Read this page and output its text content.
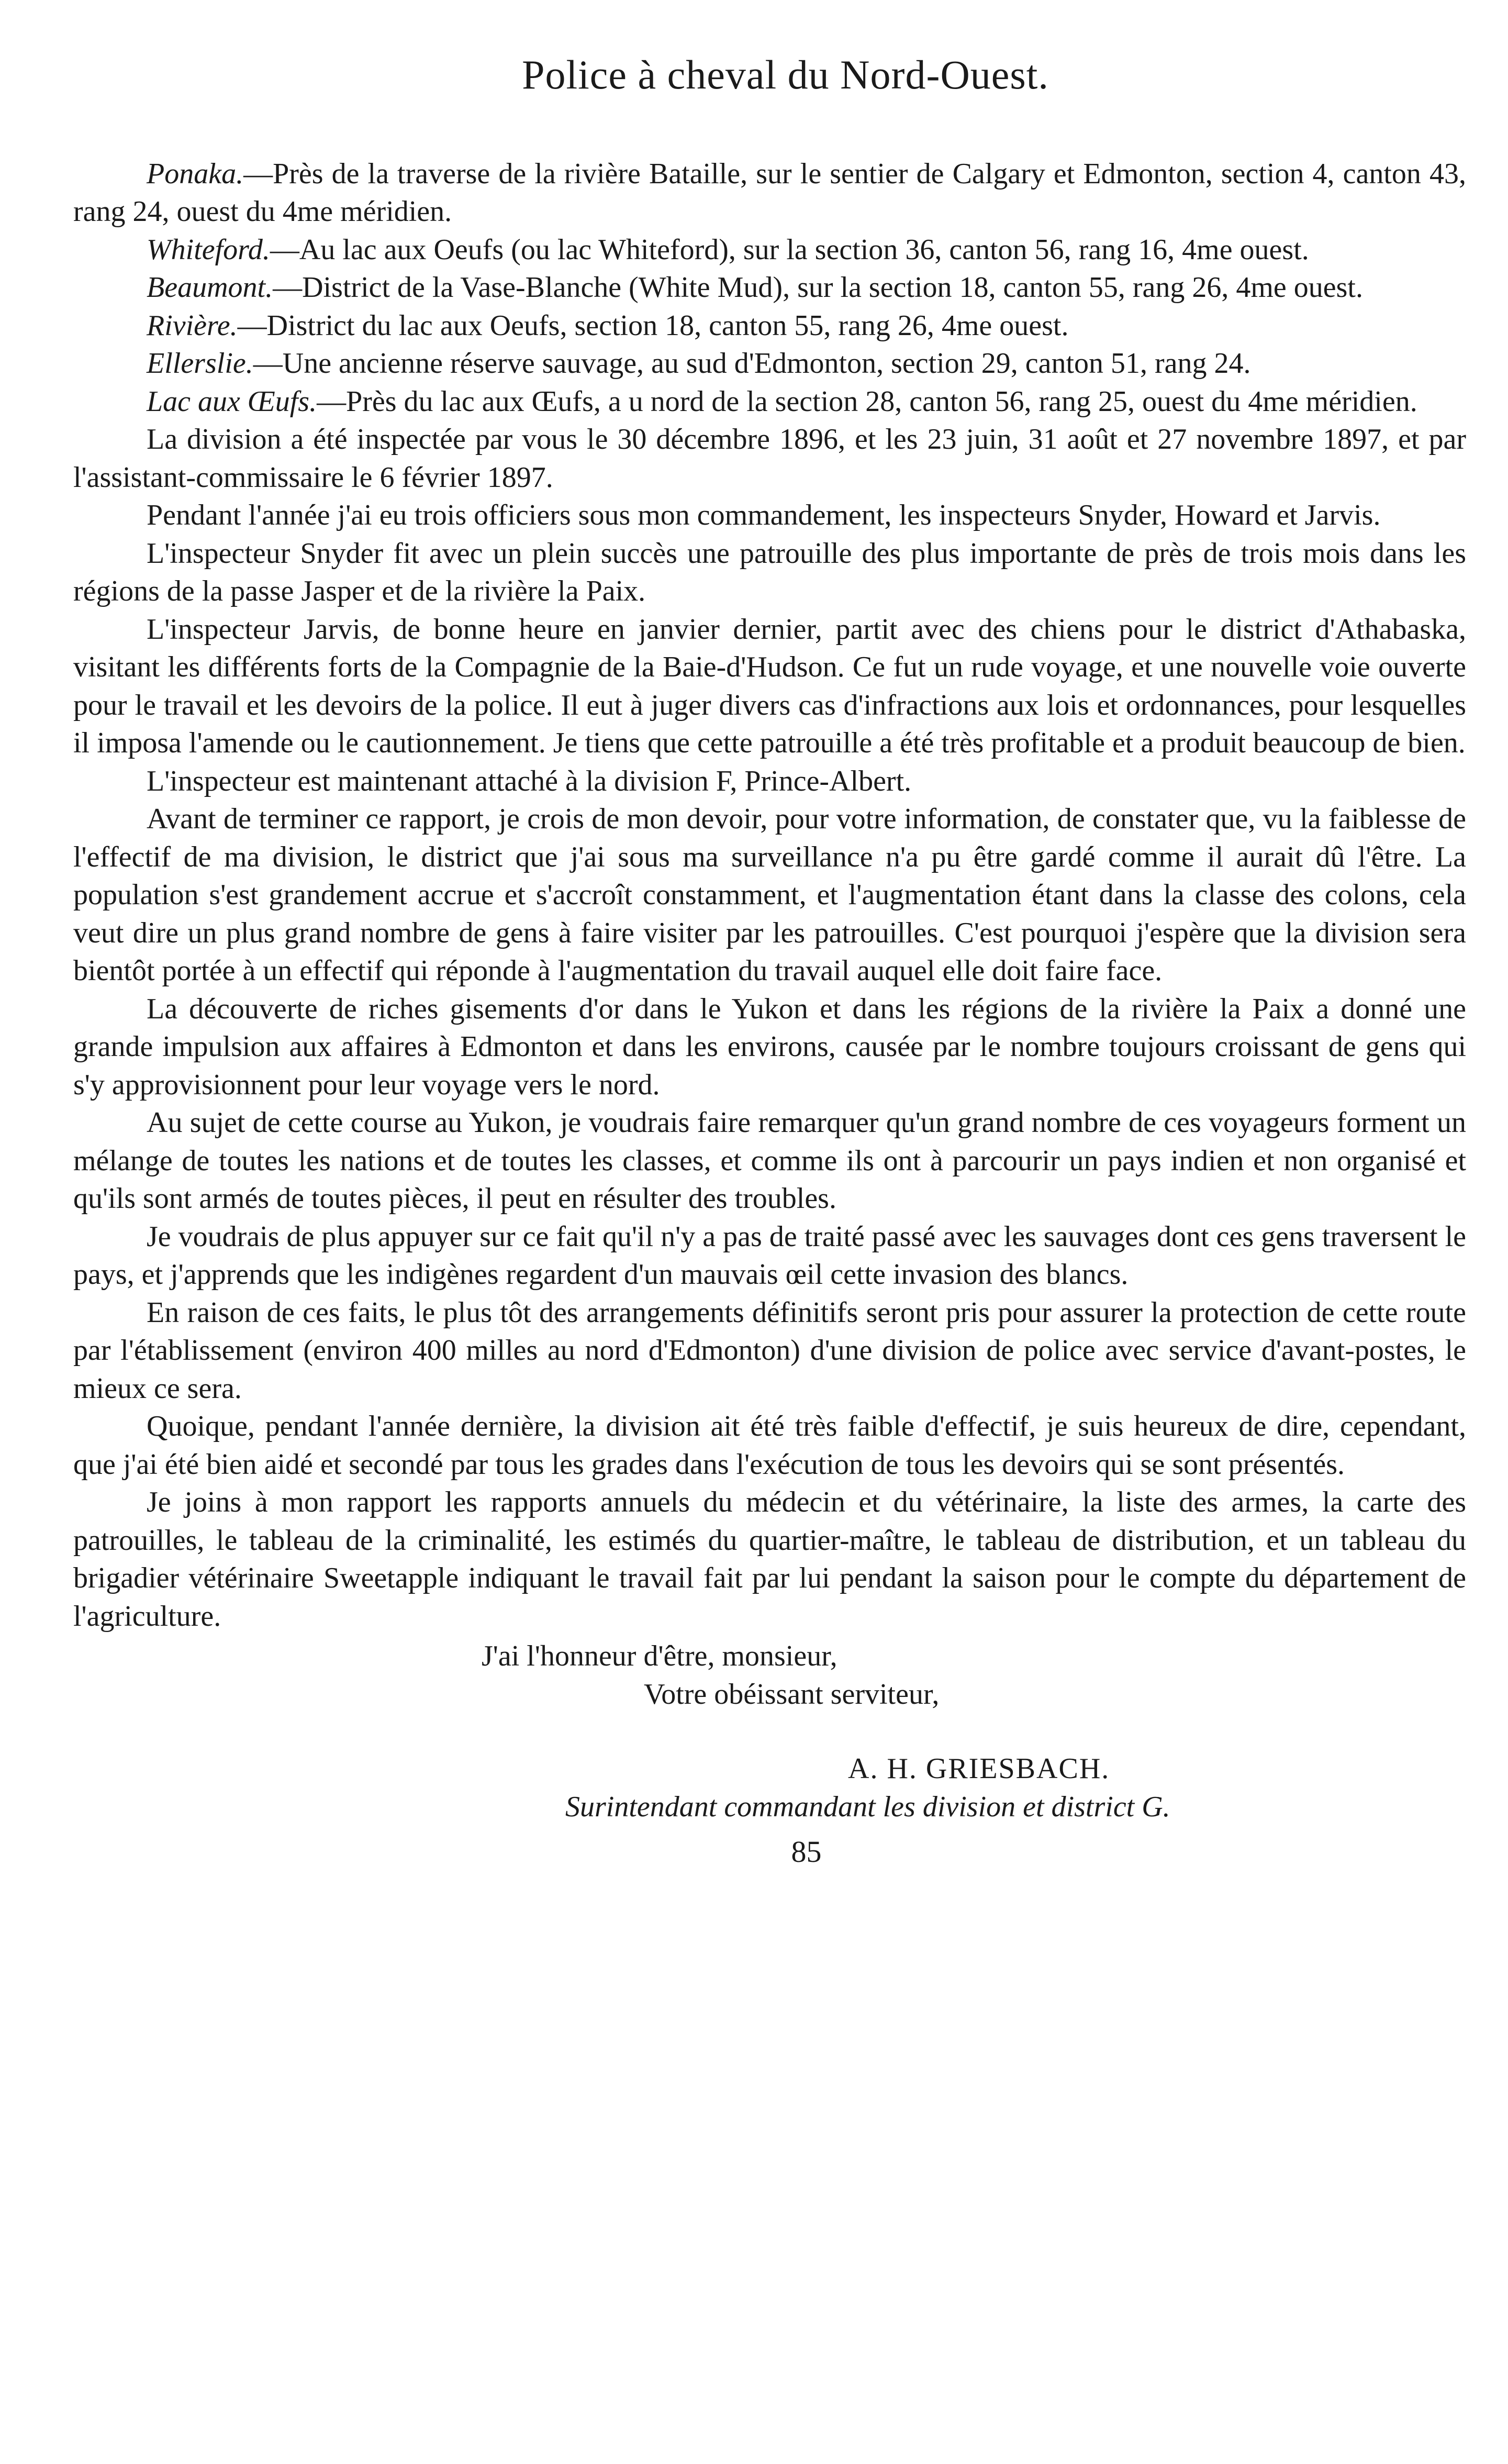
Police à cheval du Nord-Ouest.

Ponaka.—Près de la traverse de la rivière Bataille, sur le sentier de Calgary et Edmonton, section 4, canton 43, rang 24, ouest du 4me méridien.

Whiteford.—Au lac aux Oeufs (ou lac Whiteford), sur la section 36, canton 56, rang 16, 4me ouest.

Beaumont.—District de la Vase-Blanche (White Mud), sur la section 18, canton 55, rang 26, 4me ouest.

Rivière.—District du lac aux Oeufs, section 18, canton 55, rang 26, 4me ouest.

Ellerslie.—Une ancienne réserve sauvage, au sud d'Edmonton, section 29, canton 51, rang 24.

Lac aux Œufs.—Près du lac aux Œufs, a u nord de la section 28, canton 56, rang 25, ouest du 4me méridien.

La division a été inspectée par vous le 30 décembre 1896, et les 23 juin, 31 août et 27 novembre 1897, et par l'assistant-commissaire le 6 février 1897.

Pendant l'année j'ai eu trois officiers sous mon commandement, les inspecteurs Snyder, Howard et Jarvis.

L'inspecteur Snyder fit avec un plein succès une patrouille des plus importante de près de trois mois dans les régions de la passe Jasper et de la rivière la Paix.

L'inspecteur Jarvis, de bonne heure en janvier dernier, partit avec des chiens pour le district d'Athabaska, visitant les différents forts de la Compagnie de la Baie-d'Hudson. Ce fut un rude voyage, et une nouvelle voie ouverte pour le travail et les devoirs de la police. Il eut à juger divers cas d'infractions aux lois et ordonnances, pour lesquelles il imposa l'amende ou le cautionnement. Je tiens que cette patrouille a été très profitable et a produit beaucoup de bien.

L'inspecteur est maintenant attaché à la division F, Prince-Albert.

Avant de terminer ce rapport, je crois de mon devoir, pour votre information, de constater que, vu la faiblesse de l'effectif de ma division, le district que j'ai sous ma surveillance n'a pu être gardé comme il aurait dû l'être. La population s'est grandement accrue et s'accroît constamment, et l'augmentation étant dans la classe des colons, cela veut dire un plus grand nombre de gens à faire visiter par les patrouilles. C'est pourquoi j'espère que la division sera bientôt portée à un effectif qui réponde à l'augmentation du travail auquel elle doit faire face.

La découverte de riches gisements d'or dans le Yukon et dans les régions de la rivière la Paix a donné une grande impulsion aux affaires à Edmonton et dans les environs, causée par le nombre toujours croissant de gens qui s'y approvisionnent pour leur voyage vers le nord.

Au sujet de cette course au Yukon, je voudrais faire remarquer qu'un grand nombre de ces voyageurs forment un mélange de toutes les nations et de toutes les classes, et comme ils ont à parcourir un pays indien et non organisé et qu'ils sont armés de toutes pièces, il peut en résulter des troubles.

Je voudrais de plus appuyer sur ce fait qu'il n'y a pas de traité passé avec les sauvages dont ces gens traversent le pays, et j'apprends que les indigènes regardent d'un mauvais œil cette invasion des blancs.

En raison de ces faits, le plus tôt des arrangements définitifs seront pris pour assurer la protection de cette route par l'établissement (environ 400 milles au nord d'Edmonton) d'une division de police avec service d'avant-postes, le mieux ce sera.

Quoique, pendant l'année dernière, la division ait été très faible d'effectif, je suis heureux de dire, cependant, que j'ai été bien aidé et secondé par tous les grades dans l'exécution de tous les devoirs qui se sont présentés.

Je joins à mon rapport les rapports annuels du médecin et du vétérinaire, la liste des armes, la carte des patrouilles, le tableau de la criminalité, les estimés du quartier-maître, le tableau de distribution, et un tableau du brigadier vétérinaire Sweetapple indiquant le travail fait par lui pendant la saison pour le compte du département de l'agriculture.

J'ai l'honneur d'être, monsieur,
Votre obéissant serviteur,
A. H. GRIESBACH.
Surintendant commandant les division et district G.
85
